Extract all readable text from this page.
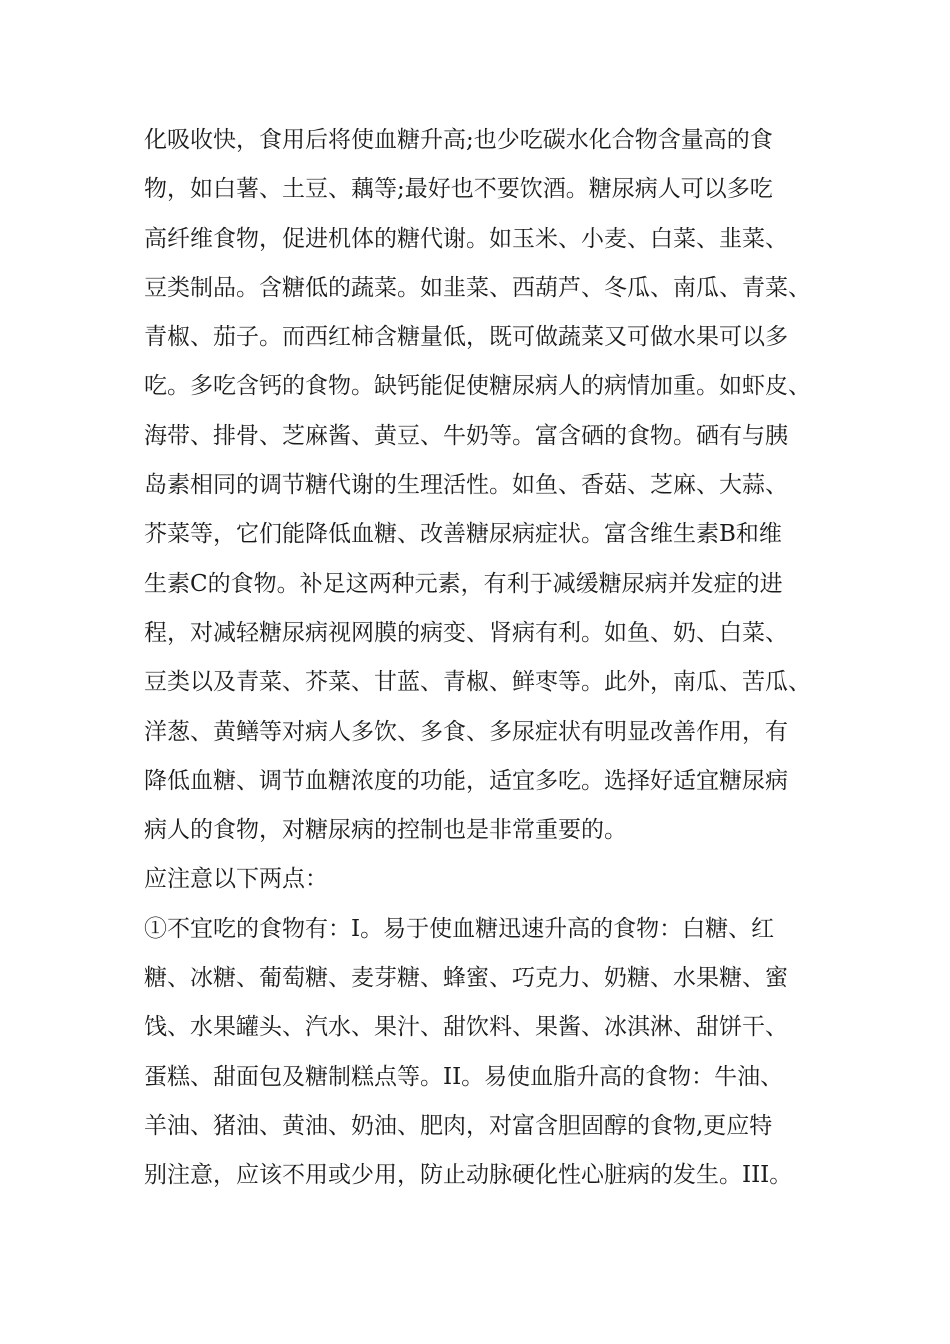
化吸收快，食用后将使血糖升高;也少吃碳水化合物含量高的食
物，如白薯、土豆、藕等;最好也不要饮酒。糖尿病人可以多吃
高纤维食物，促进机体的糖代谢。如玉米、小麦、白菜、韭菜、
豆类制品。含糖低的蔬菜。如韭菜、西葫芦、冬瓜、南瓜、青菜、
青椒、茄子。而西红柿含糖量低，既可做蔬菜又可做水果可以多
吃。多吃含钙的食物。缺钙能促使糖尿病人的病情加重。如虾皮、
海带、排骨、芝麻酱、黄豆、牛奶等。富含硒的食物。硒有与胰
岛素相同的调节糖代谢的生理活性。如鱼、香菇、芝麻、大蒜、
芥菜等，它们能降低血糖、改善糖尿病症状。富含维生素B和维
生素C的食物。补足这两种元素，有利于减缓糖尿病并发症的进
程，对减轻糖尿病视网膜的病变、肾病有利。如鱼、奶、白菜、
豆类以及青菜、芥菜、甘蓝、青椒、鲜枣等。此外，南瓜、苦瓜、
洋葱、黄鳝等对病人多饮、多食、多尿症状有明显改善作用，有
降低血糖、调节血糖浓度的功能，适宜多吃。选择好适宜糖尿病
病人的食物，对糖尿病的控制也是非常重要的。
应注意以下两点：
①不宜吃的食物有：I。易于使血糖迅速升高的食物：白糖、红
糖、冰糖、葡萄糖、麦芽糖、蜂蜜、巧克力、奶糖、水果糖、蜜
饯、水果罐头、汽水、果汁、甜饮料、果酱、冰淇淋、甜饼干、
蛋糕、甜面包及糖制糕点等。II。易使血脂升高的食物：牛油、
羊油、猪油、黄油、奶油、肥肉，对富含胆固醇的食物,更应特
别注意，应该不用或少用，防止动脉硬化性心脏病的发生。III。
